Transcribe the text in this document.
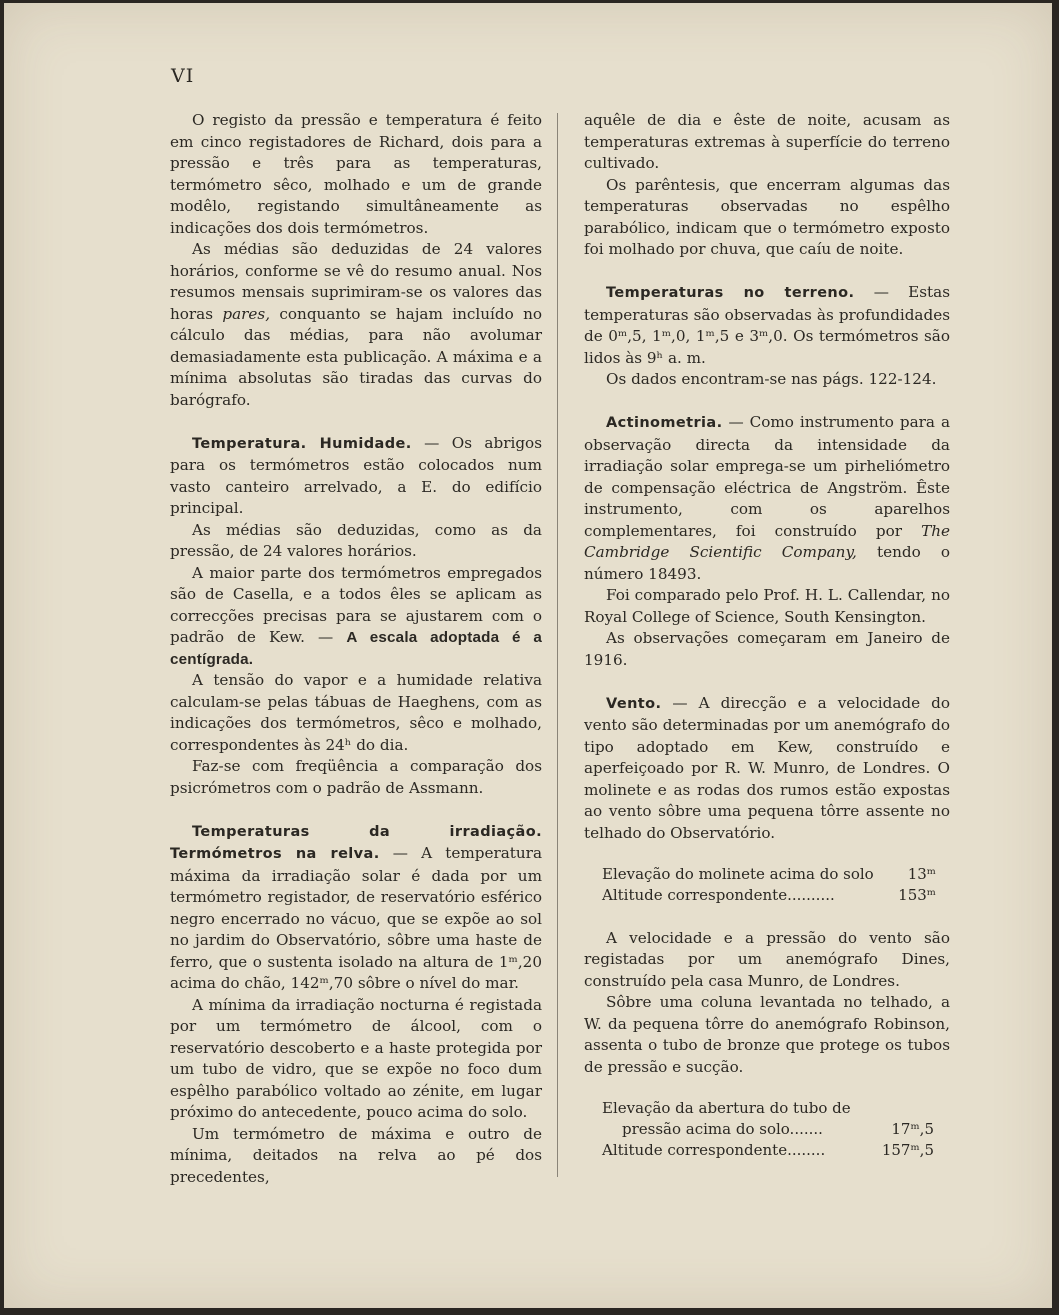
VI

O registo da pressão e temperatura é feito em cinco registadores de Richard, dois para a pressão e três para as temperaturas, termómetro sêco, molhado e um de grande modêlo, registando simultâneamente as indicações dos dois termómetros.

As médias são deduzidas de 24 valores horários, conforme se vê do resumo anual. Nos resumos mensais suprimiram-se os valores das horas pares, conquanto se hajam incluído no cálculo das médias, para não avolumar demasiadamente esta publicação. A máxima e a mínima absolutas são tiradas das curvas do barógrafo.

Temperatura. Humidade. — Os abrigos para os termómetros estão colocados num vasto canteiro arrelvado, a E. do edifício principal.

As médias são deduzidas, como as da pressão, de 24 valores horários.

A maior parte dos termómetros empregados são de Casella, e a todos êles se aplicam as correcções precisas para se ajustarem com o padrão de Kew. — A escala adoptada é a centígrada.

A tensão do vapor e a humidade relativa calculam-se pelas tábuas de Haeghens, com as indicações dos termómetros, sêco e molhado, correspondentes às 24ʰ do dia.

Faz-se com freqüência a comparação dos psicrómetros com o padrão de Assmann.

Temperaturas da irradiação. Termómetros na relva. — A temperatura máxima da irradiação solar é dada por um termómetro registador, de reservatório esférico negro encerrado no vácuo, que se expõe ao sol no jardim do Observatório, sôbre uma haste de ferro, que o sustenta isolado na altura de 1ᵐ,20 acima do chão, 142ᵐ,70 sôbre o nível do mar.

A mínima da irradiação nocturna é registada por um termómetro de álcool, com o reservatório descoberto e a haste protegida por um tubo de vidro, que se expõe no foco dum espêlho parabólico voltado ao zénite, em lugar próximo do antecedente, pouco acima do solo.

Um termómetro de máxima e outro de mínima, deitados na relva ao pé dos precedentes,

aquêle de dia e êste de noite, acusam as temperaturas extremas à superfície do terreno cultivado.

Os parêntesis, que encerram algumas das temperaturas observadas no espêlho parabólico, indicam que o termómetro exposto foi molhado por chuva, que caíu de noite.

Temperaturas no terreno. — Estas temperaturas são observadas às profundidades de 0ᵐ,5, 1ᵐ,0, 1ᵐ,5 e 3ᵐ,0. Os termómetros são lidos às 9ʰ a. m.

Os dados encontram-se nas págs. 122-124.

Actinometria. — Como instrumento para a observação directa da intensidade da irradiação solar emprega-se um pirheliómetro de compensação eléctrica de Angström. Êste instrumento, com os aparelhos complementares, foi construído por The Cambridge Scientific Company, tendo o número 18493.

Foi comparado pelo Prof. H. L. Callendar, no Royal College of Science, South Kensington.

As observações começaram em Janeiro de 1916.

Vento. — A direcção e a velocidade do vento são determinadas por um anemógrafo do tipo adoptado em Kew, construído e aperfeiçoado por R. W. Munro, de Londres. O molinete e as rodas dos rumos estão expostas ao vento sôbre uma pequena tôrre assente no telhado do Observatório.

Elevação do molinete acima do solo 13ᵐ
Altitude correspondente..........	153ᵐ

A velocidade e a pressão do vento são registadas por um anemógrafo Dines, construído pela casa Munro, de Londres.

Sôbre uma coluna levantada no telhado, a W. da pequena tôrre do anemógrafo Robinson, assenta o tubo de bronze que protege os tubos de pressão e sucção.

Elevação da abertura do tubo de
pressão acima do solo.......	17ᵐ,5
Altitude correspondente........	157ᵐ,5
